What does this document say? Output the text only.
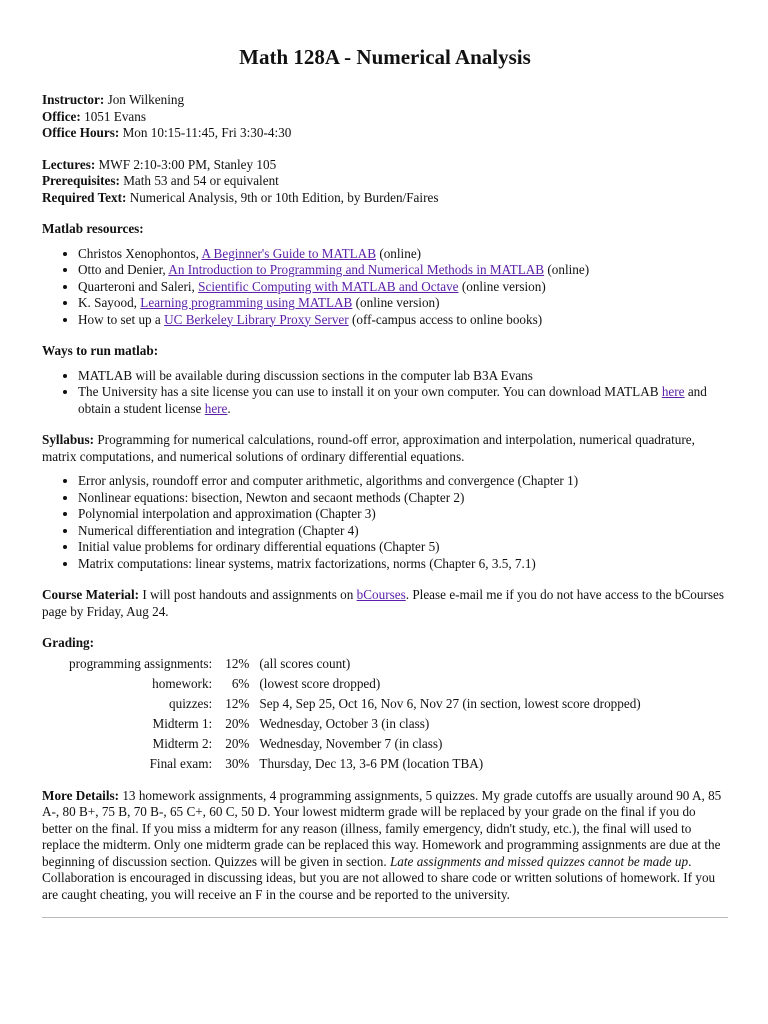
Math 128A - Numerical Analysis

Instructor: Jon Wilkening

Office: 1051 Evans

Office Hours: Mon 10:15-11:45, Fri 3:30-4:30

Lectures: MWF 2:10-3:00 PM, Stanley 105

Prerequisites: Math 53 and 54 or equivalent

Required Text: Numerical Analysis, 9th or 10th Edition, by Burden/Faires

Matlab resources:

• Christos Xenophontos, A Beginner's Guide to MATLAB (online)
• Otto and Denier, An Introduction to Programming and Numerical Methods in MATLAB (online)
• Quarteroni and Saleri, Scientific Computing with MATLAB and Octave (online version)
• K. Sayood, Learning programming using MATLAB (online version)
• How to set up a UC Berkeley Library Proxy Server (off-campus access to online books)

Ways to run matlab:

• MATLAB will be available during discussion sections in the computer lab B3A Evans
• The University has a site license you can use to install it on your own computer. You can download MATLAB here and obtain a student license here.

Syllabus: Programming for numerical calculations, round-off error, approximation and interpolation, numerical quadrature, matrix computations, and numerical solutions of ordinary differential equations.

• Error anlysis, roundoff error and computer arithmetic, algorithms and convergence (Chapter 1)
• Nonlinear equations: bisection, Newton and secaont methods (Chapter 2)
• Polynomial interpolation and approximation (Chapter 3)
• Numerical differentiation and integration (Chapter 4)
• Initial value problems for ordinary differential equations (Chapter 5)
• Matrix computations: linear systems, matrix factorizations, norms (Chapter 6, 3.5, 7.1)

Course Material: I will post handouts and assignments on bCourses. Please e-mail me if you do not have access to the bCourses page by Friday, Aug 24.

Grading:

programming assignments:	12%	(all scores count)
homework:	6%	(lowest score dropped)
quizzes:	12%	Sep 4, Sep 25, Oct 16, Nov 6, Nov 27 (in section, lowest score dropped)
Midterm 1:	20%	Wednesday, October 3 (in class)
Midterm 2:	20%	Wednesday, November 7 (in class)
Final exam:	30%	Thursday, Dec 13, 3-6 PM (location TBA)

More Details: 13 homework assignments, 4 programming assignments, 5 quizzes. My grade cutoffs are usually around 90 A, 85 A-, 80 B+, 75 B, 70 B-, 65 C+, 60 C, 50 D. Your lowest midterm grade will be replaced by your grade on the final if you do better on the final. If you miss a midterm for any reason (illness, family emergency, didn't study, etc.), the final will used to replace the midterm. Only one midterm grade can be replaced this way. Homework and programming assignments are due at the beginning of discussion section. Quizzes will be given in section. Late assignments and missed quizzes cannot be made up. Collaboration is encouraged in discussing ideas, but you are not allowed to share code or written solutions of homework. If you are caught cheating, you will receive an F in the course and be reported to the university.
